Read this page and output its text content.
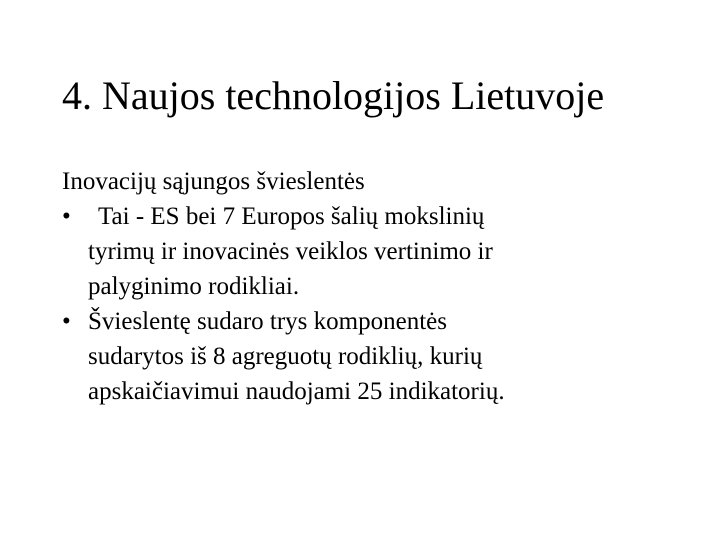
4. Naujos technologijos Lietuvoje

Inovacijų sąjungos švieslentės

•	Tai - ES bei 7 Europos šalių mokslinių
tyrimų ir inovacinės veiklos vertinimo ir
palyginimo rodikliai.
• Švieslentę sudaro trys komponentės
sudarytos iš 8 agreguotų rodiklių, kurių
apskaičiavimui naudojami 25 indikatorių.
